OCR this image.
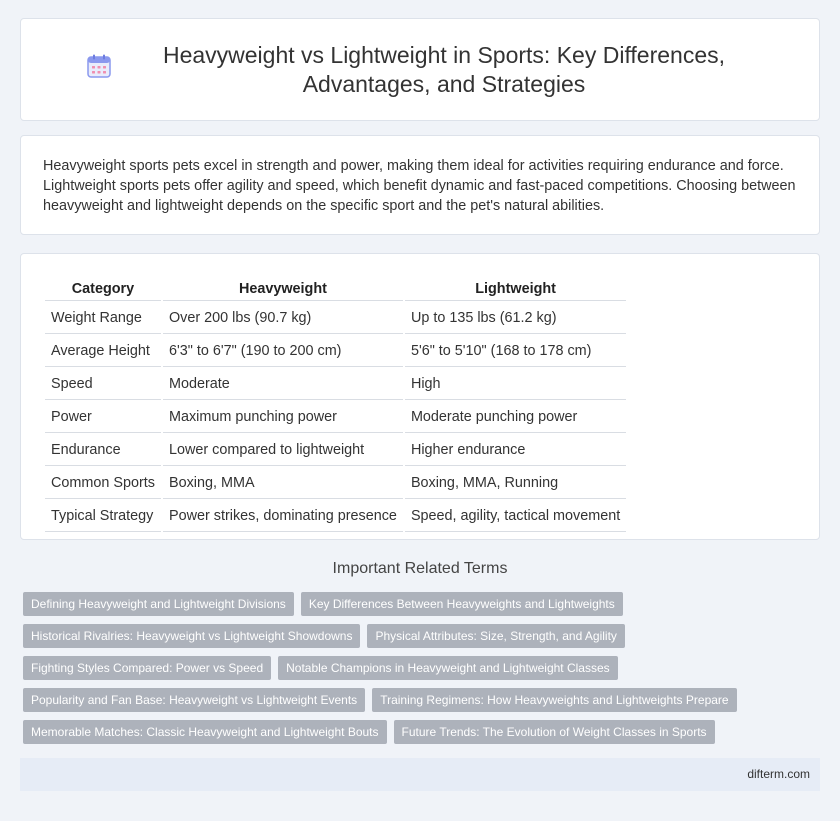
Heavyweight vs Lightweight in Sports: Key Differences, Advantages, and Strategies

Heavyweight sports pets excel in strength and power, making them ideal for activities requiring endurance and force. Lightweight sports pets offer agility and speed, which benefit dynamic and fast-paced competitions. Choosing between heavyweight and lightweight depends on the specific sport and the pet's natural abilities.

Category	Heavyweight	Lightweight
Weight Range	Over 200 lbs (90.7 kg)	Up to 135 lbs (61.2 kg)
Average Height	6'3" to 6'7" (190 to 200 cm)	5'6" to 5'10" (168 to 178 cm)
Speed	Moderate	High
Power	Maximum punching power	Moderate punching power
Endurance	Lower compared to lightweight	Higher endurance
Common Sports	Boxing, MMA	Boxing, MMA, Running
Typical Strategy	Power strikes, dominating presence	Speed, agility, tactical movement
Important Related Terms
Defining Heavyweight and Lightweight Divisions	Key Differences Between Heavyweights and Lightweights
Historical Rivalries: Heavyweight vs Lightweight Showdowns	Physical Attributes: Size, Strength, and Agility
Fighting Styles Compared: Power vs Speed	Notable Champions in Heavyweight and Lightweight Classes
Popularity and Fan Base: Heavyweight vs Lightweight Events	Training Regimens: How Heavyweights and Lightweights Prepare
Memorable Matches: Classic Heavyweight and Lightweight Bouts	Future Trends: The Evolution of Weight Classes in Sports
difterm.com
